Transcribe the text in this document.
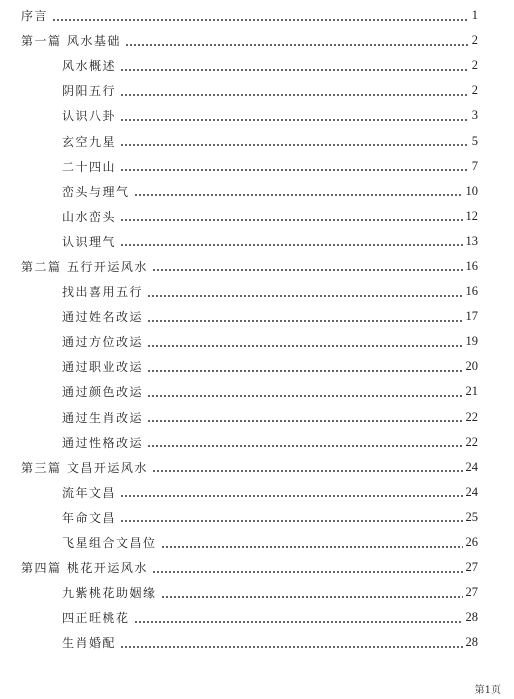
序言	1
第一篇 风水基础	2
风水概述	2
阴阳五行	2
认识八卦	3
玄空九星	5
二十四山	7
峦头与理气	10
山水峦头	12
认识理气	13
第二篇 五行开运风水	16
找出喜用五行	16
通过姓名改运	17
通过方位改运	19
通过职业改运	20
通过颜色改运	21
通过生肖改运	22
通过性格改运	22
第三篇 文昌开运风水	24
流年文昌	24
年命文昌	25
飞星组合文昌位	26
第四篇 桃花开运风水	27
九紫桃花助姻缘	27
四正旺桃花	28
生肖婚配	28
第1页
